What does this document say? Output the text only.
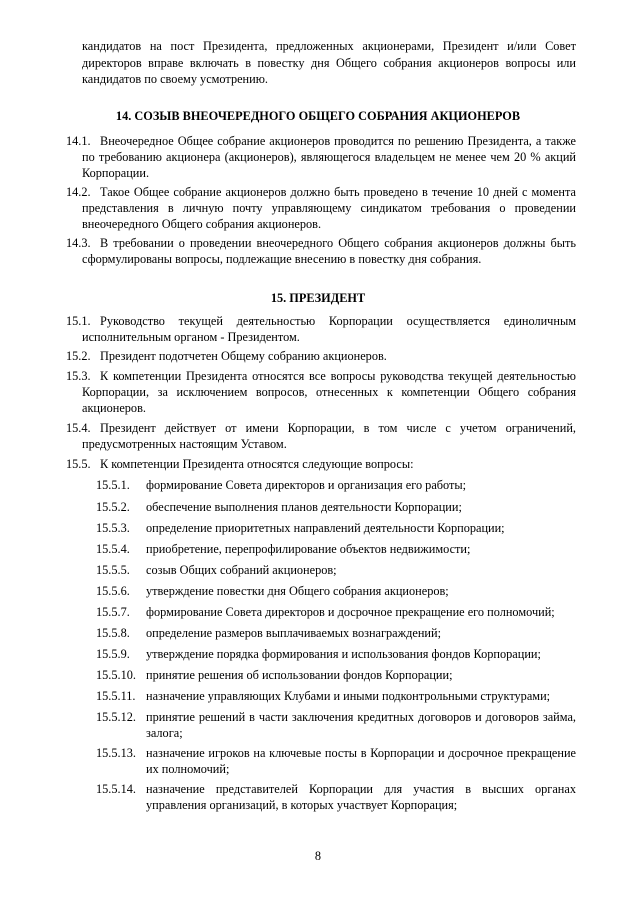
кандидатов на пост Президента, предложенных акционерами, Президент и/или Совет директоров вправе включать в повестку дня Общего собрания акционеров вопросы или кандидатов по своему усмотрению.

14. СОЗЫВ ВНЕОЧЕРЕДНОГО ОБЩЕГО СОБРАНИЯ АКЦИОНЕРОВ

14.1. Внеочередное Общее собрание акционеров проводится по решению Президента, а также по требованию акционера (акционеров), являющегося владельцем не менее чем 20 % акций Корпорации.

14.2. Такое Общее собрание акционеров должно быть проведено в течение 10 дней с момента представления в личную почту управляющему синдикатом требования о проведении внеочередного Общего собрания акционеров.

14.3. В требовании о проведении внеочередного Общего собрания акционеров должны быть сформулированы вопросы, подлежащие внесению в повестку дня собрания.

15. ПРЕЗИДЕНТ

15.1. Руководство текущей деятельностью Корпорации осуществляется единоличным исполнительным органом - Президентом.

15.2. Президент подотчетен Общему собранию акционеров.

15.3. К компетенции Президента относятся все вопросы руководства текущей деятельностью Корпорации, за исключением вопросов, отнесенных к компетенции Общего собрания акционеров.

15.4. Президент действует от имени Корпорации, в том числе с учетом ограничений, предусмотренных настоящим Уставом.

15.5. К компетенции Президента относятся следующие вопросы:

15.5.1. формирование Совета директоров и организация его работы;

15.5.2. обеспечение выполнения планов деятельности Корпорации;

15.5.3. определение приоритетных направлений деятельности Корпорации;

15.5.4. приобретение, перепрофилирование объектов недвижимости;

15.5.5. созыв Общих собраний акционеров;

15.5.6. утверждение повестки дня Общего собрания акционеров;

15.5.7. формирование Совета директоров и досрочное прекращение его полномочий;

15.5.8. определение размеров выплачиваемых вознаграждений;

15.5.9. утверждение порядка формирования и использования фондов Корпорации;

15.5.10. принятие решения об использовании фондов Корпорации;

15.5.11. назначение управляющих Клубами и иными подконтрольными структурами;

15.5.12. принятие решений в части заключения кредитных договоров и договоров займа, залога;

15.5.13. назначение игроков на ключевые посты в Корпорации и досрочное прекращение их полномочий;

15.5.14. назначение представителей Корпорации для участия в высших органах управления организаций, в которых участвует Корпорация;

8
